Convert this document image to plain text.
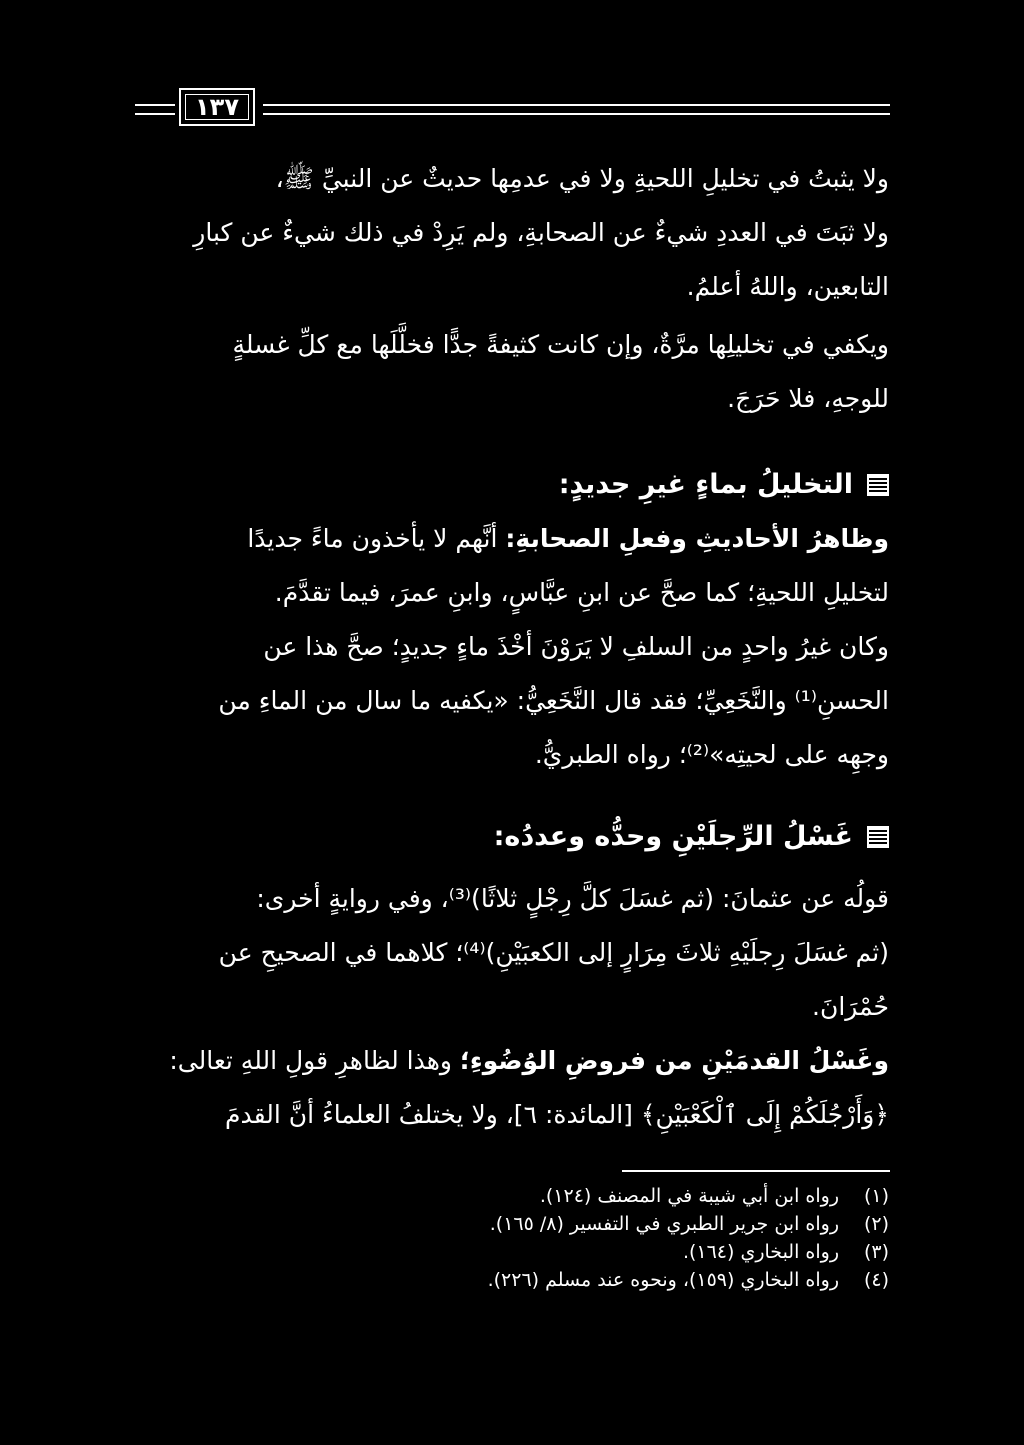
١٣٧

ولا يثبتُ في تخليلِ اللحيةِ ولا في عدمِها حديثٌ عن النبيِّ ﷺ،
ولا ثبَتَ في العددِ شيءٌ عن الصحابةِ، ولم يَرِدْ في ذلك شيءٌ عن كبارِ
التابعين، واللهُ أعلمُ.

ويكفي في تخليلِها مرَّةٌ، وإن كانت كثيفةً جدًّا فخلَّلَها مع كلِّ غسلةٍ
للوجهِ، فلا حَرَجَ.

التخليلُ بماءٍ غيرِ جديدٍ:

وظاهرُ الأحاديثِ وفعلِ الصحابةِ: أنَّهم لا يأخذون ماءً جديدًا
لتخليلِ اللحيةِ؛ كما صحَّ عن ابنِ عبَّاسٍ، وابنِ عمرَ، فيما تقدَّمَ.

وكان غيرُ واحدٍ من السلفِ لا يَرَوْنَ أخْذَ ماءٍ جديدٍ؛ صحَّ هذا عن
الحسنِ⁽¹⁾ والنَّخَعِيِّ؛ فقد قال النَّخَعِيُّ: «يكفيه ما سال من الماءِ من
وجهِه على لحيتِه»⁽²⁾؛ رواه الطبريُّ.

غَسْلُ الرِّجلَيْنِ وحدُّه وعددُه:

قولُه عن عثمانَ: (ثم غسَلَ كلَّ رِجْلٍ ثلاثًا)⁽³⁾، وفي روايةٍ أخرى:
(ثم غسَلَ رِجلَيْهِ ثلاثَ مِرَارٍ إلى الكعبَيْنِ)⁽⁴⁾؛ كلاهما في الصحيحِ عن
حُمْرَانَ.

وغَسْلُ القدمَيْنِ من فروضِ الوُضُوءِ؛ وهذا لظاهرِ قولِ اللهِ تعالى:
﴿وَأَرْجُلَكُمْ إِلَى ٱلْكَعْبَيْنِ﴾ [المائدة: ٦]، ولا يختلفُ العلماءُ أنَّ القدمَ

(١)
رواه ابن أبي شيبة في المصنف (١٢٤).
(٢)
رواه ابن جرير الطبري في التفسير (٨/ ١٦٥).
(٣)
رواه البخاري (١٦٤).
(٤)
رواه البخاري (١٥٩)، ونحوه عند مسلم (٢٢٦).
